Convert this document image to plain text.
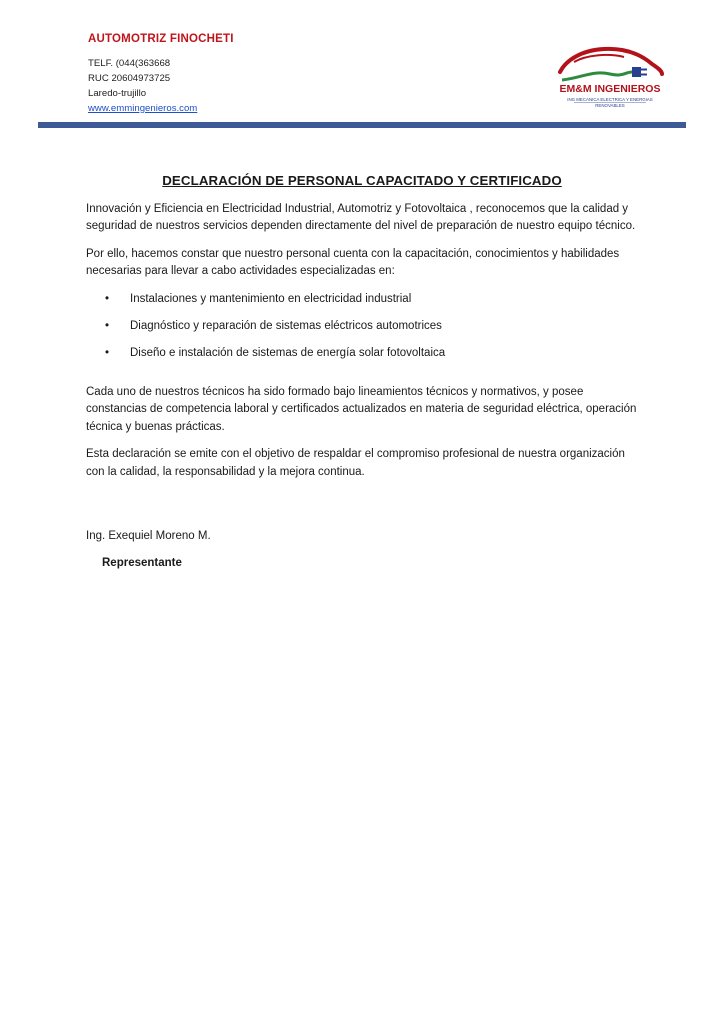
AUTOMOTRIZ FINOCHETI
TELF. (044(363668
RUC 20604973725
Laredo-trujillo
www.emmingenieros.com
EM&M INGENIEROS
ING MECANICA ELECTRICA Y ENERGIAS
RENOVABLES
DECLARACIÓN DE PERSONAL CAPACITADO Y CERTIFICADO

Innovación y Eficiencia en Electricidad Industrial, Automotriz y Fotovoltaica , reconocemos que la calidad y seguridad de nuestros servicios dependen directamente del nivel de preparación de nuestro equipo técnico.

Por ello, hacemos constar que nuestro personal cuenta con la capacitación, conocimientos y habilidades necesarias para llevar a cabo actividades especializadas en:

• Instalaciones y mantenimiento en electricidad industrial
• Diagnóstico y reparación de sistemas eléctricos automotrices
• Diseño e instalación de sistemas de energía solar fotovoltaica

Cada uno de nuestros técnicos ha sido formado bajo lineamientos técnicos y normativos, y posee constancias de competencia laboral y certificados actualizados en materia de seguridad eléctrica, operación técnica y buenas prácticas.

Esta declaración se emite con el objetivo de respaldar el compromiso profesional de nuestra organización con la calidad, la responsabilidad y la mejora continua.

Ing. Exequiel Moreno M.
Representante
